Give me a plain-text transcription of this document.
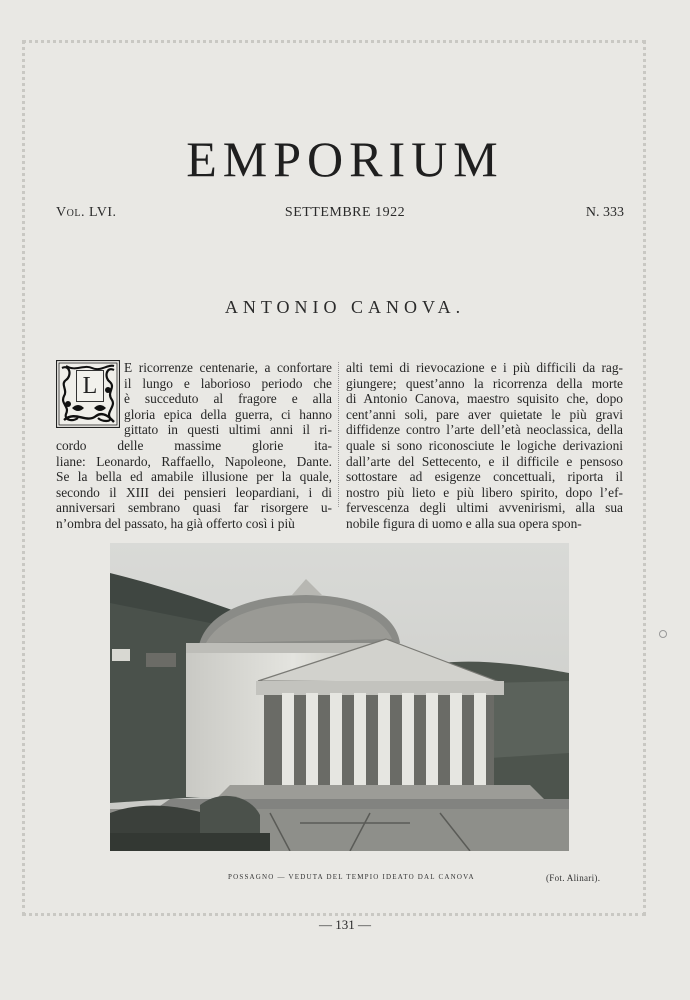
EMPORIUM
Vol. LVI.	SETTEMBRE 1922	N. 333
ANTONIO CANOVA.
L
E ricorrenze centenarie, a confortare
il lungo e laborioso periodo che
è succeduto al fragore e alla
gloria epica della guerra, ci hanno
gittato in questi ultimi anni il ri-
cordo delle massime glorie ita-
liane: Leonardo, Raffaello, Napoleone, Dante.
Se la bella ed amabile illusione per la quale,
secondo il XIII dei pensieri leopardiani, i di
anniversari sembrano quasi far risorgere u-
n’ombra del passato, ha già offerto così i più
alti temi di rievocazione e i più difficili da rag-
giungere; quest’anno la ricorrenza della morte
di Antonio Canova, maestro squisito che, dopo
cent’anni soli, pare aver quietate le più gravi
diffidenze contro l’arte dell’età neoclassica, della
quale si sono riconosciute le logiche derivazioni
dall’arte del Settecento, e il difficile e pensoso
sottostare ad esigenze concettuali, riporta il
nostro più lieto e più libero spirito, dopo l’ef-
fervescenza degli ultimi avvenirismi, alla sua
nobile figura di uomo e alla sua opera spon-
POSSAGNO — VEDUTA DEL TEMPIO IDEATO DAL CANOVA	(Fot. Alinari).
— 131 —
